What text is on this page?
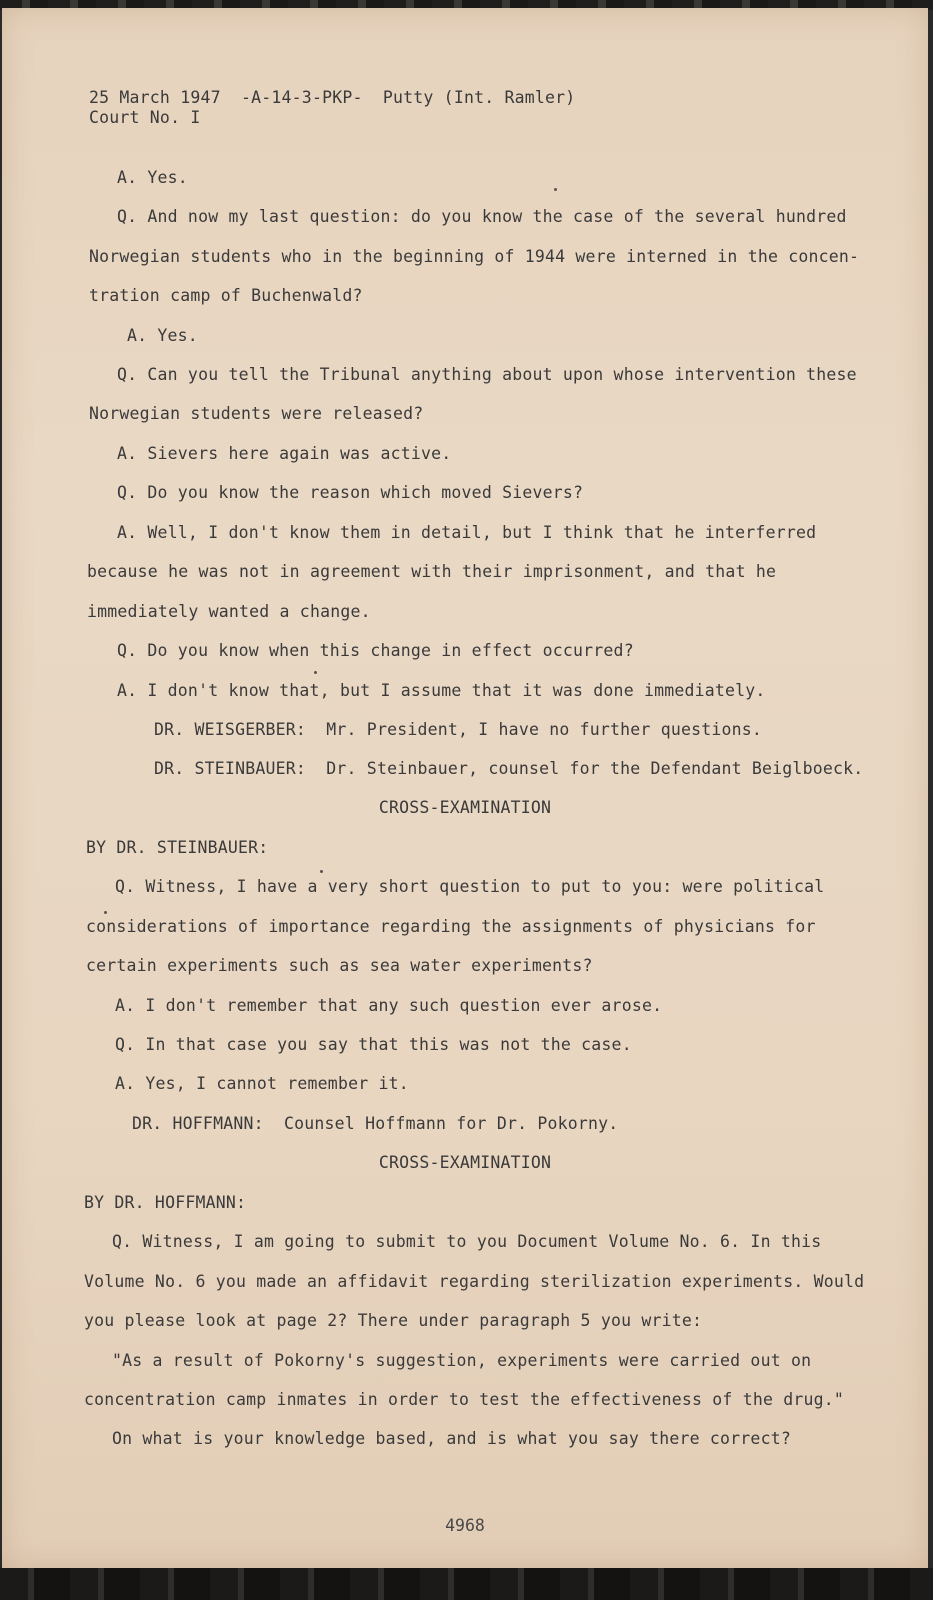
25 March 1947  -A-14-3-PKP-  Putty (Int. Ramler)
Court No. I
A. Yes.
Q. And now my last question: do you know the case of the several hundred
Norwegian students who in the beginning of 1944 were interned in the concen-
tration camp of Buchenwald?
A. Yes.
Q. Can you tell the Tribunal anything about upon whose intervention these
Norwegian students were released?
A. Sievers here again was active.
Q. Do you know the reason which moved Sievers?
A. Well, I don't know them in detail, but I think that he interferred
because he was not in agreement with their imprisonment, and that he
immediately wanted a change.
Q. Do you know when this change in effect occurred?
A. I don't know that, but I assume that it was done immediately.
DR. WEISGERBER:  Mr. President, I have no further questions.
DR. STEINBAUER:  Dr. Steinbauer, counsel for the Defendant Beiglboeck.
CROSS-EXAMINATION
BY DR. STEINBAUER:
Q. Witness, I have a very short question to put to you: were political
considerations of importance regarding the assignments of physicians for
certain experiments such as sea water experiments?
A. I don't remember that any such question ever arose.
Q. In that case you say that this was not the case.
A. Yes, I cannot remember it.
DR. HOFFMANN:  Counsel Hoffmann for Dr. Pokorny.
CROSS-EXAMINATION
BY DR. HOFFMANN:
Q. Witness, I am going to submit to you Document Volume No. 6. In this
Volume No. 6 you made an affidavit regarding sterilization experiments. Would
you please look at page 2? There under paragraph 5 you write:
"As a result of Pokorny's suggestion, experiments were carried out on
concentration camp inmates in order to test the effectiveness of the drug."
On what is your knowledge based, and is what you say there correct?
4968
